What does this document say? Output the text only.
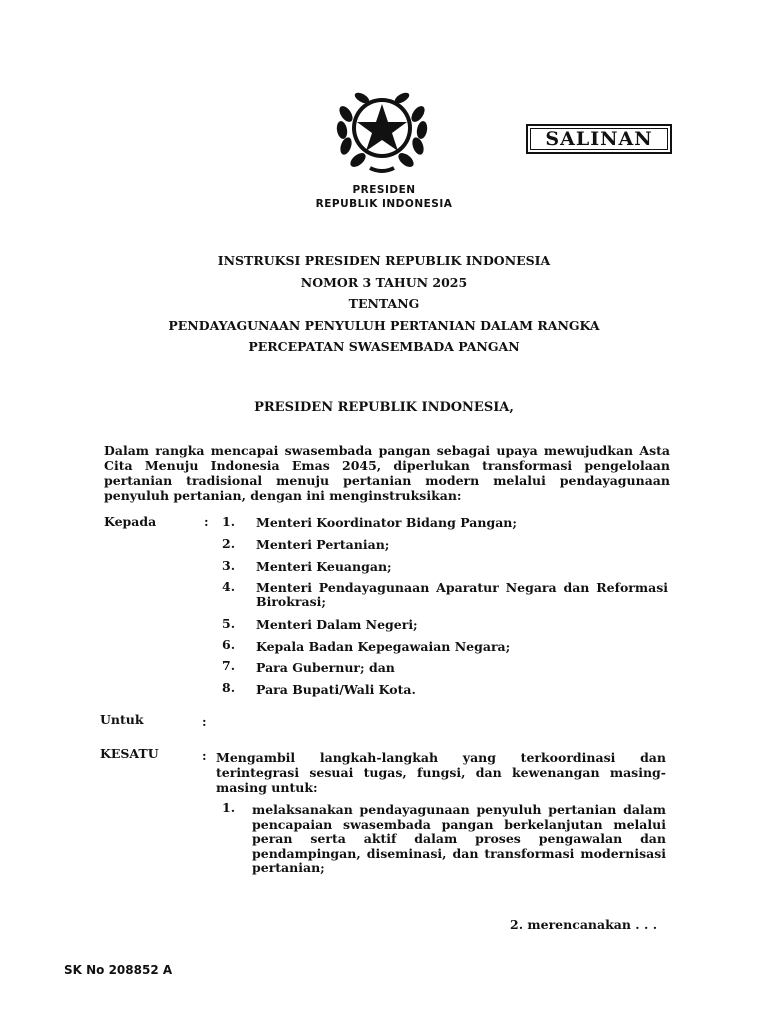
SALINAN
PRESIDEN
REPUBLIK INDONESIA
INSTRUKSI PRESIDEN REPUBLIK INDONESIA
NOMOR 3 TAHUN 2025
TENTANG
PENDAYAGUNAAN PENYULUH PERTANIAN DALAM RANGKA
PERCEPATAN SWASEMBADA PANGAN
PRESIDEN REPUBLIK INDONESIA,
Dalam rangka mencapai swasembada pangan sebagai upaya mewujudkan Asta Cita Menuju Indonesia Emas 2045, diperlukan transformasi pengelolaan pertanian tradisional menuju pertanian modern melalui pendayagunaan penyuluh pertanian, dengan ini menginstruksikan:
Kepada	: 1. Menteri Koordinator Bidang Pangan;
2. Menteri Pertanian;
3. Menteri Keuangan;
4. Menteri Pendayagunaan Aparatur Negara dan Reformasi Birokrasi;
5. Menteri Dalam Negeri;
6. Kepala Badan Kepegawaian Negara;
7. Para Gubernur; dan
8. Para Bupati/Wali Kota.
Untuk	:
KESATU	: Mengambil langkah-langkah yang terkoordinasi dan terintegrasi sesuai tugas, fungsi, dan kewenangan masing-masing untuk:
1. melaksanakan pendayagunaan penyuluh pertanian dalam pencapaian swasembada pangan berkelanjutan melalui peran serta aktif dalam proses pengawalan dan pendampingan, diseminasi, dan transformasi modernisasi pertanian;
2. merencanakan . . .
SK No 208852 A
